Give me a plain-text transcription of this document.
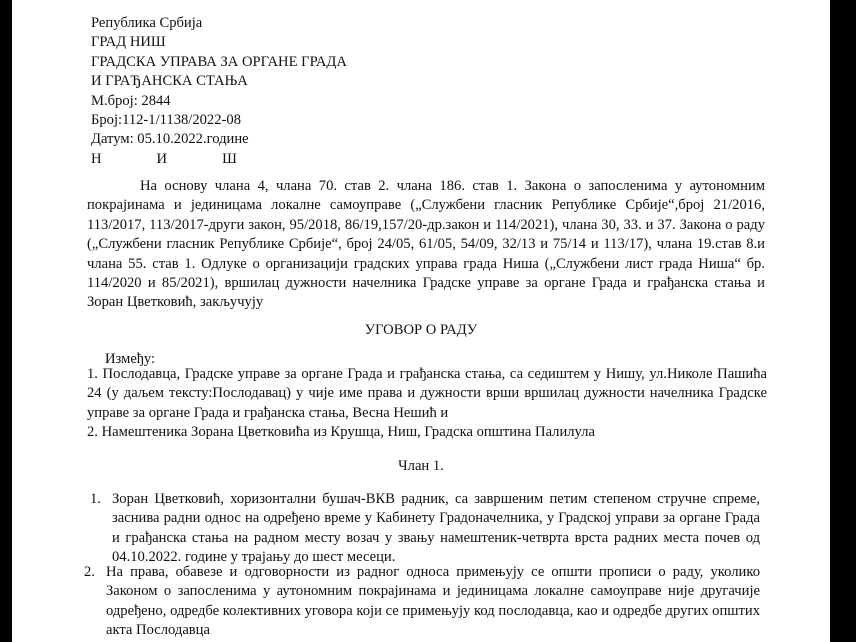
Република Србија
ГРАД НИШ
ГРАДСКА УПРАВА ЗА ОРГАНЕ ГРАДА
И ГРАЂАНСКА СТАЊА
М.број: 2844
Број:112-1/1138/2022-08
Датум: 05.10.2022.године
Н	И	Ш
На основу члана 4, члана 70. став 2. члана 186. став 1. Закона о запосленима у аутономним покрајинама и јединицама локалне самоуправе („Службени гласник Републике Србије“,број 21/2016, 113/2017, 113/2017-други закон, 95/2018, 86/19,157/20-др.закон и 114/2021), члана 30, 33. и 37. Закона о раду („Службени гласник Републике Србије“, број 24/05, 61/05, 54/09, 32/13 и 75/14 и 113/17), члана 19.став 8.и члана 55. став 1. Одлуке о организацији градских управа града Ниша („Службени лист града Ниша“ бр. 114/2020 и 85/2021), вршилац дужности начелника Градске управе за органе Града и грађанска стања и Зоран Цветковић, закључују
УГОВОР О РАДУ
Између:

1. Послодавца, Градске управе за органе Града и грађанска стања, са седиштем у Нишу, ул.Николе Пашића 24 (у даљем тексту:Послодавац) у чије име права и дужности врши вршилац дужности начелника Градске управе за органе Града и грађанска стања, Весна Нешић и

2. Намештеника Зорана Цветковића из Крушца, Ниш, Градска општина Палилула

Члан 1.
1. Зоран Цветковић, хоризонтални бушач-ВКВ радник, са завршеним петим степеном стручне спреме, заснива радни однос на одређено време у Кабинету Градоначелника, у Градској управи за органе Града и грађанска стања на радном месту возач у звању намештеник-четврта врста радних места почев од 04.10.2022. године у трајању до шест месеци.
2. На права, обавезе и одговорности из радног односа примењују се општи прописи о раду, уколико Законом о запосленима у аутономним покрајинама и јединицама локалне самоуправе није другачије одређено, одредбе колективних уговора који се примењују код послодавца, као и одредбе других општих акта Послодавца
